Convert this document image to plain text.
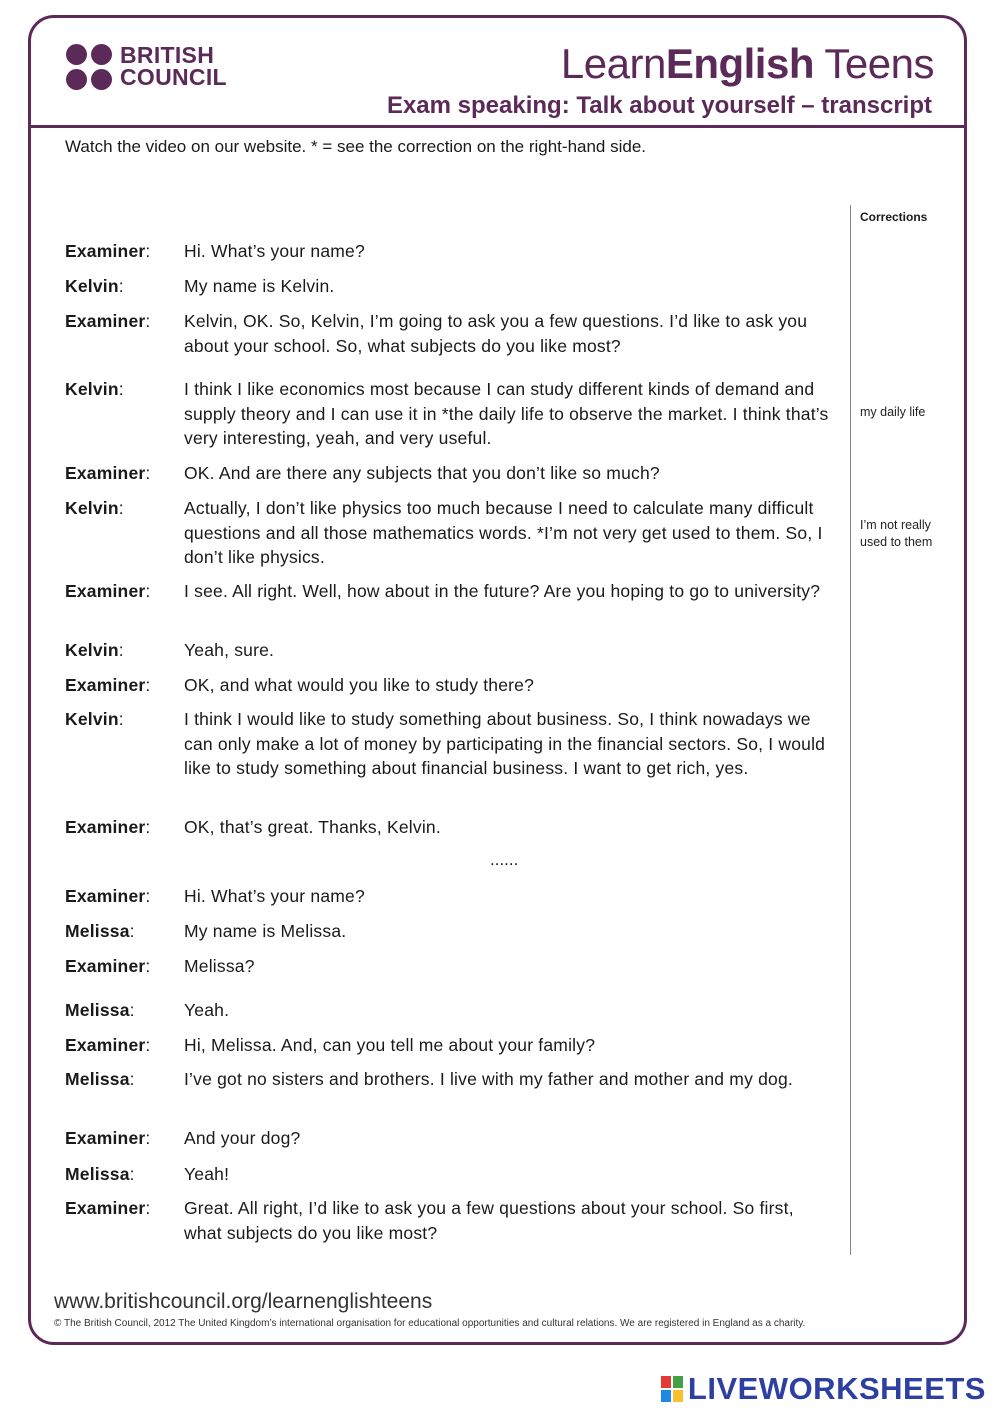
BRITISH
COUNCIL	LearnEnglish Teens
Exam speaking: Talk about yourself – transcript
Watch the video on our website. * = see the correction on the right-hand side.
Corrections
my daily life
I’m not really used to them
Examiner:	Hi. What’s your name?
Kelvin:	My name is Kelvin.
Examiner:	Kelvin, OK. So, Kelvin, I’m going to ask you a few questions. I’d like to ask you about your school. So, what subjects do you like most?
Kelvin:	I think I like economics most because I can study different kinds of demand and supply theory and I can use it in *the daily life to observe the market. I think that’s very interesting, yeah, and very useful.
Examiner:	OK. And are there any subjects that you don’t like so much?
Kelvin:	Actually, I don’t like physics too much because I need to calculate many difficult questions and all those mathematics words. *I’m not very get used to them. So, I don’t like physics.
Examiner:	I see. All right. Well, how about in the future? Are you hoping to go to university?
Kelvin:	Yeah, sure.
Examiner:	OK, and what would you like to study there?
Kelvin:	I think I would like to study something about business. So, I think nowadays we can only make a lot of money by participating in the financial sectors. So, I would like to study something about financial business. I want to get rich, yes.
Examiner:	OK, that’s great. Thanks, Kelvin.
Examiner:	Hi. What’s your name?
Melissa:	My name is Melissa.
Examiner:	Melissa?
Melissa:	Yeah.
Examiner:	Hi, Melissa. And, can you tell me about your family?
Melissa:	I’ve got no sisters and brothers. I live with my father and mother and my dog.
Examiner:	And your dog?
Melissa:	Yeah!
Examiner:	Great. All right, I’d like to ask you a few questions about your school. So first, what subjects do you like most?
......
www.britishcouncil.org/learnenglishteens
© The British Council, 2012 The United Kingdom’s international organisation for educational opportunities and cultural relations. We are registered in England as a charity.
LIVEWORKSHEETS
